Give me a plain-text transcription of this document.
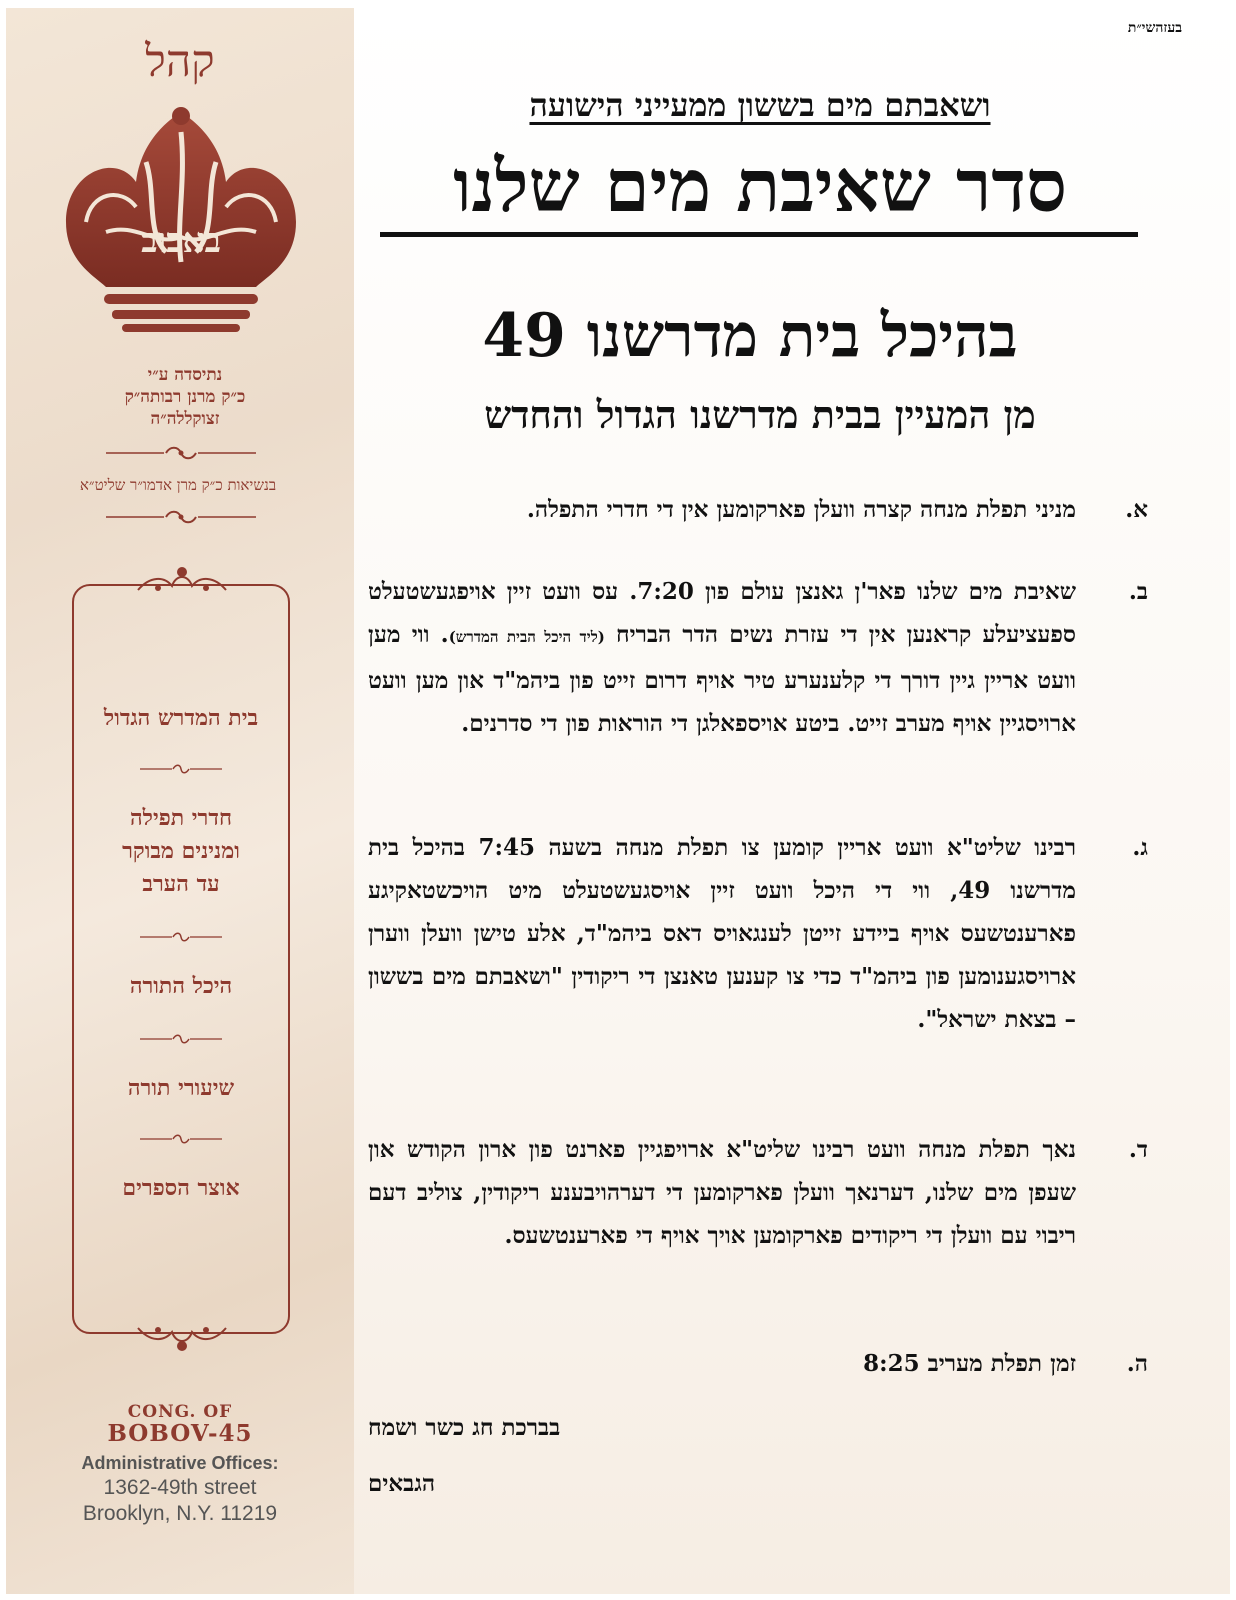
קהל
באבוב
נתיסדה ע״י
כ״ק מרנן רבותה״ק
זצוקללה״ה
בנשיאות כ״ק מרן אדמו״ר שליט״א
בית המדרש הגדול
חדרי תפילה
ומנינים מבוקר
עד הערב
היכל התורה
שיעורי תורה
אוצר הספרים
CONG. OF
BOBOV-45
Administrative Offices:
1362-49th street
Brooklyn, N.Y. 11219
בעזהשי״ת
ושאבתם מים בששון ממעייני הישועה
סדר שאיבת מים שלנו
בהיכל בית מדרשנו 49
מן המעיין בבית מדרשנו הגדול והחדש
א.
מניני תפלת מנחה קצרה וועלן פארקומען אין די חדרי התפלה.
ב.
שאיבת מים שלנו פאר'ן גאנצן עולם פון 7:20. עס וועט זיין אויפגעשטעלט ספעציעלע קראנען אין די עזרת נשים הדר הבריח (ליד היכל הבית המדרש). ווי מען וועט אריין גיין דורך די קלענערע טיר אויף דרום זייט פון ביהמ"ד און מען וועט ארויסגיין אויף מערב זייט. ביטע אויספאלגן די הוראות פון די סדרנים.
ג.
רבינו שליט"א וועט אריין קומען צו תפלת מנחה בשעה 7:45 בהיכל בית מדרשנו 49, ווי די היכל וועט זיין אויסגעשטעלט מיט הויכשטאקיגע פארענטשעס אויף ביידע זייטן לענגאויס דאס ביהמ"ד, אלע טישן וועלן ווערן ארויסגענומען פון ביהמ"ד כדי צו קענען טאנצן די ריקודין "ושאבתם מים בששון – בצאת ישראל".
ד.
נאך תפלת מנחה וועט רבינו שליט"א ארויפגיין פארנט פון ארון הקודש און שעפן מים שלנו, דערנאך וועלן פארקומען די דערהויבענע ריקודין, צוליב דעם ריבוי עם וועלן די ריקודים פארקומען אויך אויף די פארענטשעס.
ה.
זמן תפלת מעריב 8:25
בברכת חג כשר ושמח
הגבאים
